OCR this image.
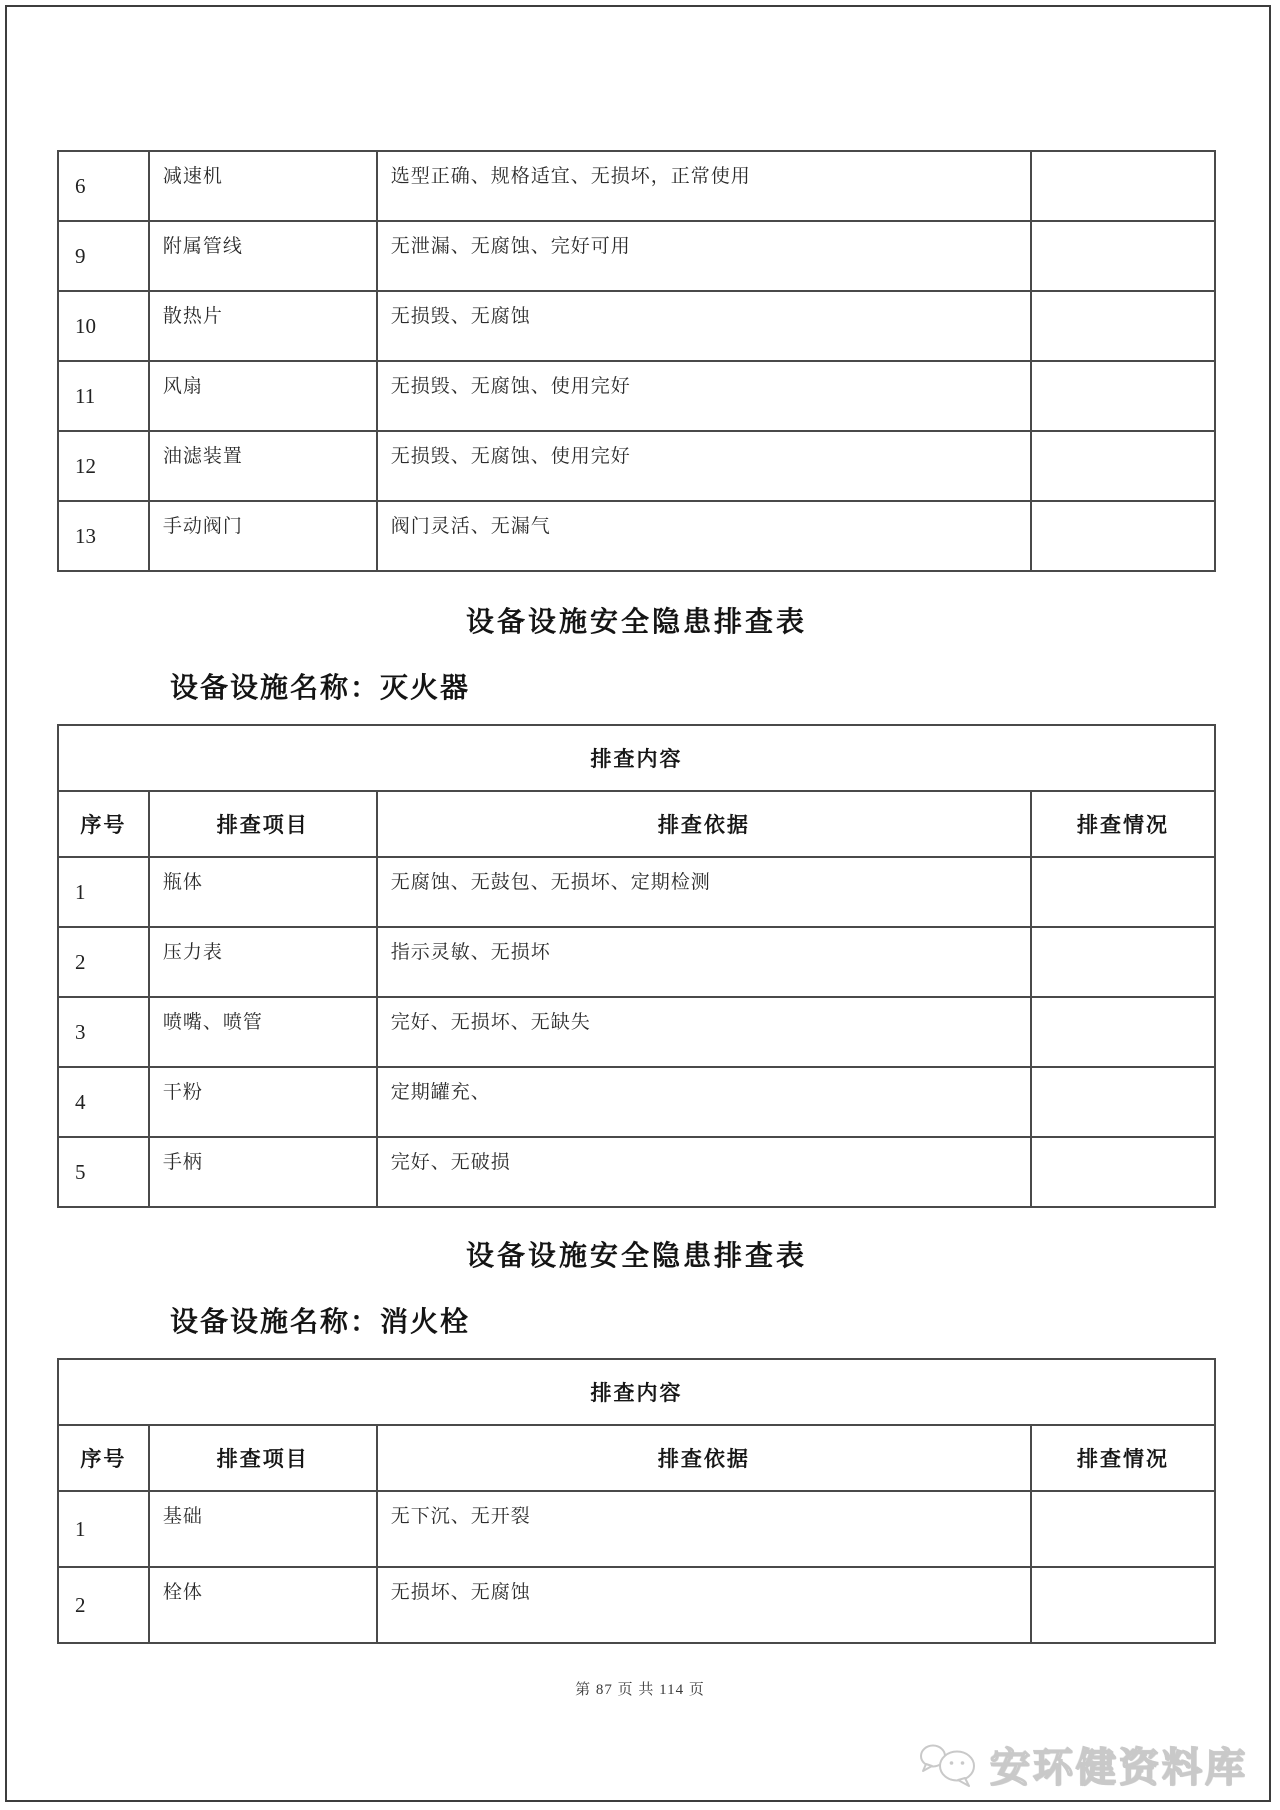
6	减速机	选型正确、规格适宜、无损坏，正常使用	
9	附属管线	无泄漏、无腐蚀、完好可用	
10	散热片	无损毁、无腐蚀	
11	风扇	无损毁、无腐蚀、使用完好	
12	油滤装置	无损毁、无腐蚀、使用完好	
13	手动阀门	阀门灵活、无漏气	
设备设施安全隐患排查表
设备设施名称：灭火器
排查内容			
序号	排查项目	排查依据	排查情况
1	瓶体	无腐蚀、无鼓包、无损坏、定期检测	
2	压力表	指示灵敏、无损坏	
3	喷嘴、喷管	完好、无损坏、无缺失	
4	干粉	定期罐充、	
5	手柄	完好、无破损	
设备设施安全隐患排查表
设备设施名称：消火栓
排查内容			
序号	排查项目	排查依据	排查情况
1	基础	无下沉、无开裂	
2	栓体	无损坏、无腐蚀	
第 87 页 共 114 页
安环健资料库
